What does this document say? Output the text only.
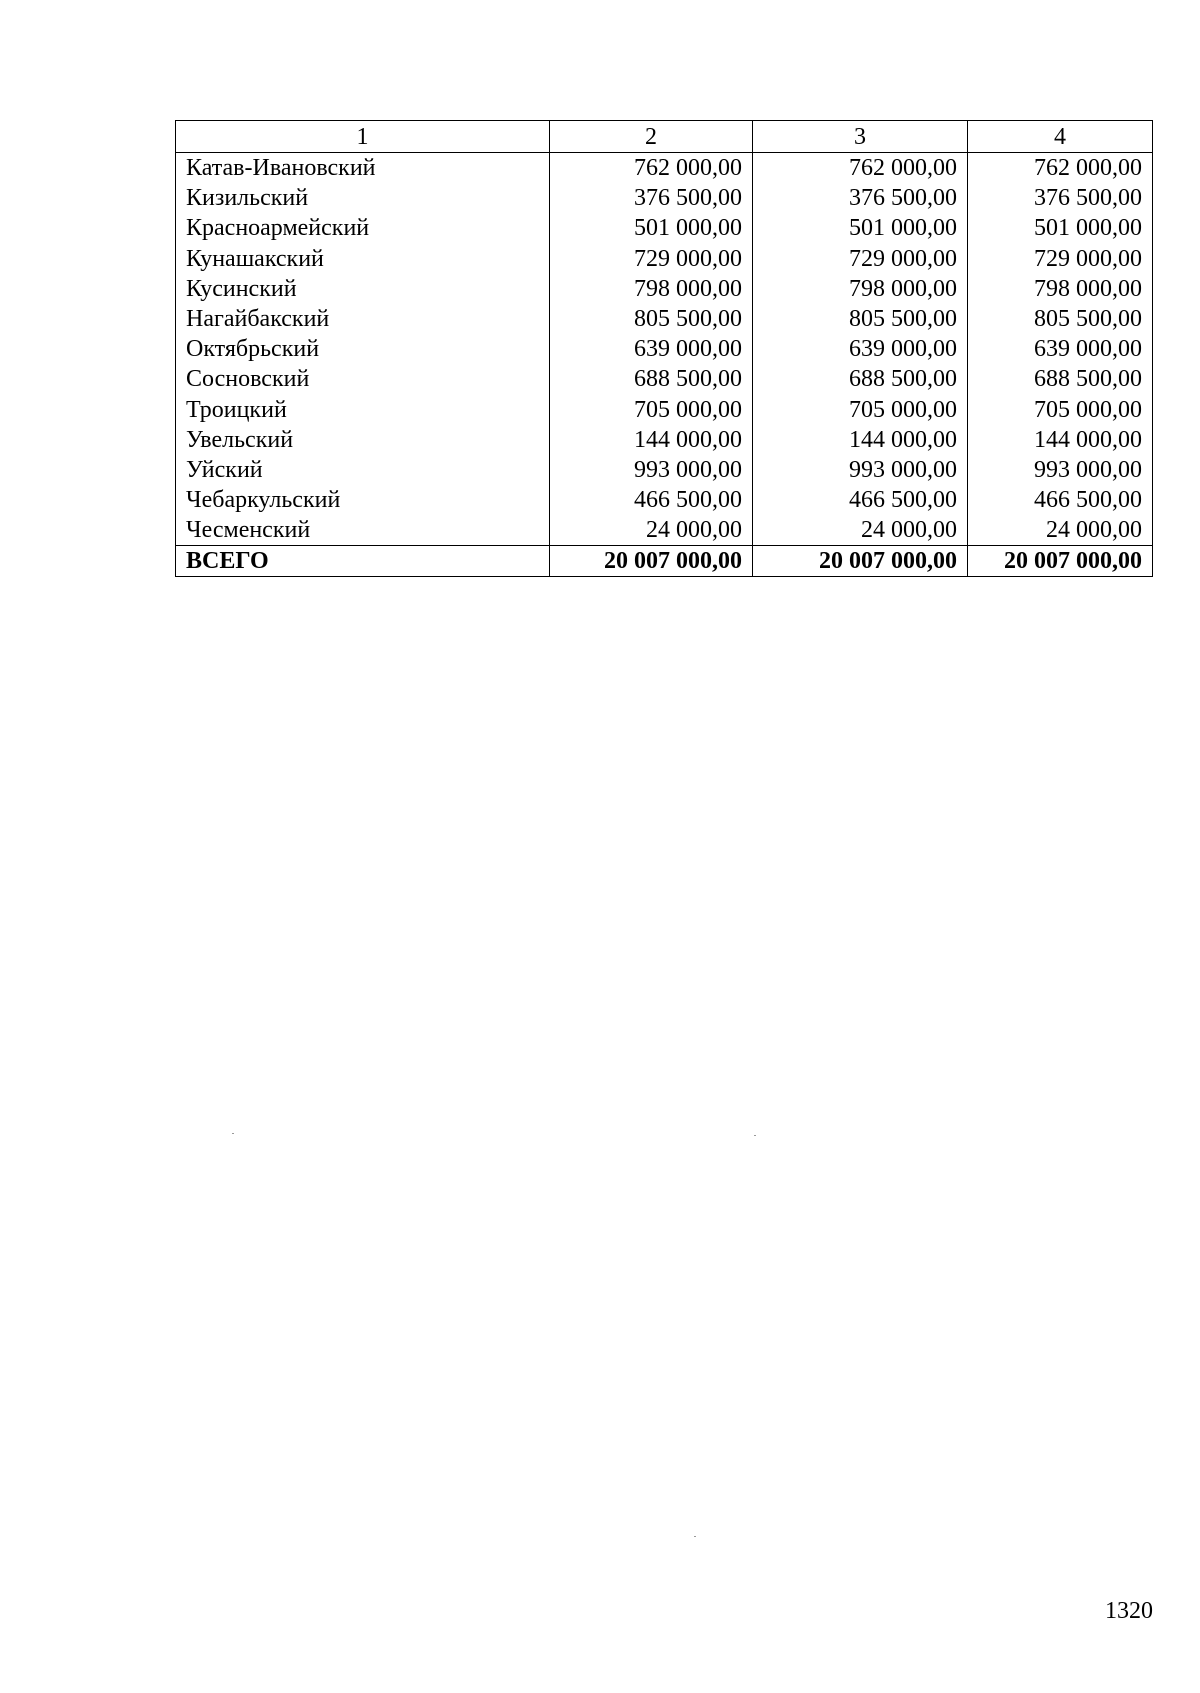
1	2	3	4
Катав-Ивановский	762 000,00	762 000,00	762 000,00
Кизильский	376 500,00	376 500,00	376 500,00
Красноармейский	501 000,00	501 000,00	501 000,00
Кунашакский	729 000,00	729 000,00	729 000,00
Кусинский	798 000,00	798 000,00	798 000,00
Нагайбакский	805 500,00	805 500,00	805 500,00
Октябрьский	639 000,00	639 000,00	639 000,00
Сосновский	688 500,00	688 500,00	688 500,00
Троицкий	705 000,00	705 000,00	705 000,00
Увельский	144 000,00	144 000,00	144 000,00
Уйский	993 000,00	993 000,00	993 000,00
Чебаркульский	466 500,00	466 500,00	466 500,00
Чесменский	24 000,00	24 000,00	24 000,00
ВСЕГО	20 007 000,00	20 007 000,00	20 007 000,00
1320
